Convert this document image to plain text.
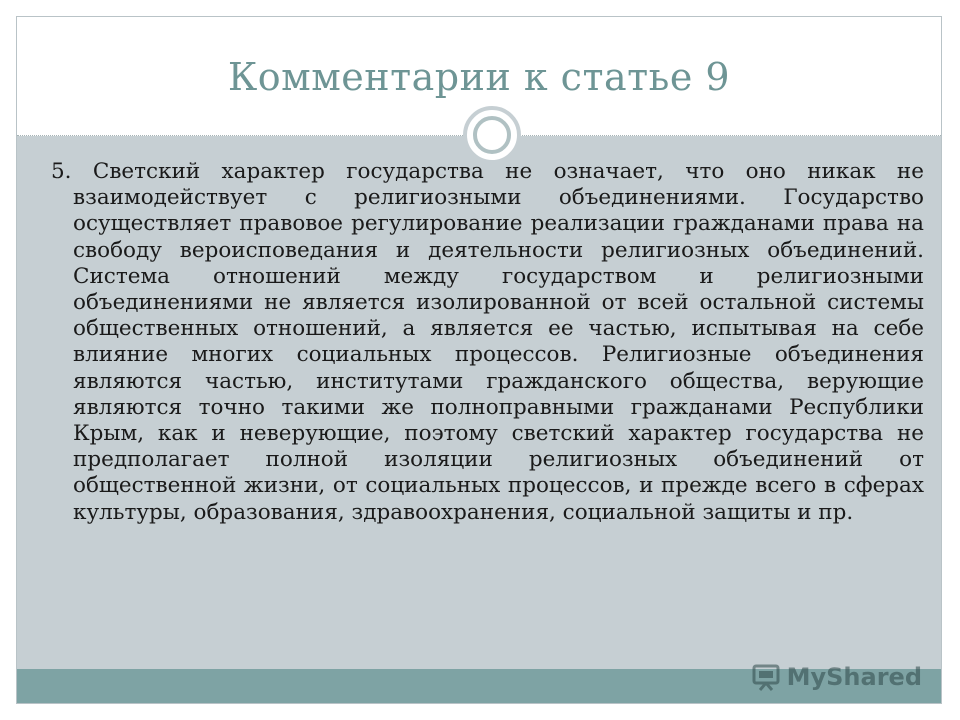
Комментарии к статье 9

5. Светский характер государства не означает, что оно никак не взаимодействует с религиозными объединениями. Государство осуществляет правовое регулирование реализации гражданами права на свободу вероисповедания и деятельности религиозных объединений. Система отношений между государством и религиозными объединениями не является изолированной от всей остальной системы общественных отношений, а является ее частью, испытывая на себе влияние многих социальных процессов. Религиозные объединения являются частью, институтами гражданского общества, верующие являются точно такими же полноправными гражданами Республики Крым, как и неверующие, поэтому светский характер государства не предполагает полной изоляции религиозных объединений от общественной жизни, от социальных процессов, и прежде всего в сферах культуры, образования, здравоохранения, социальной защиты и пр.

MyShared
